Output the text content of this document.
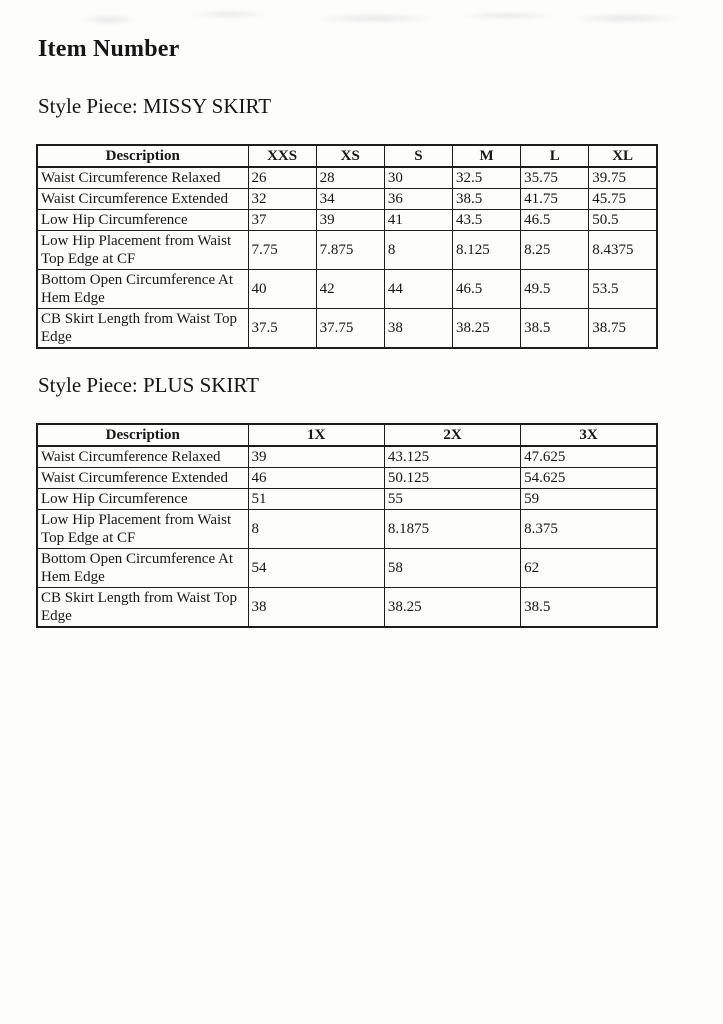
Item Number
Style Piece: MISSY SKIRT
Description	XXS	XS	S	M	L	XL
Waist Circumference Relaxed	26	28	30	32.5	35.75	39.75
Waist Circumference Extended	32	34	36	38.5	41.75	45.75
Low Hip Circumference	37	39	41	43.5	46.5	50.5
Low Hip Placement from Waist Top Edge at CF	7.75	7.875	8	8.125	8.25	8.4375
Bottom Open Circumference At Hem Edge	40	42	44	46.5	49.5	53.5
CB Skirt Length from Waist Top Edge	37.5	37.75	38	38.25	38.5	38.75
Style Piece: PLUS SKIRT
Description	1X	2X	3X
Waist Circumference Relaxed	39	43.125	47.625
Waist Circumference Extended	46	50.125	54.625
Low Hip Circumference	51	55	59
Low Hip Placement from Waist Top Edge at CF	8	8.1875	8.375
Bottom Open Circumference At Hem Edge	54	58	62
CB Skirt Length from Waist Top Edge	38	38.25	38.5
